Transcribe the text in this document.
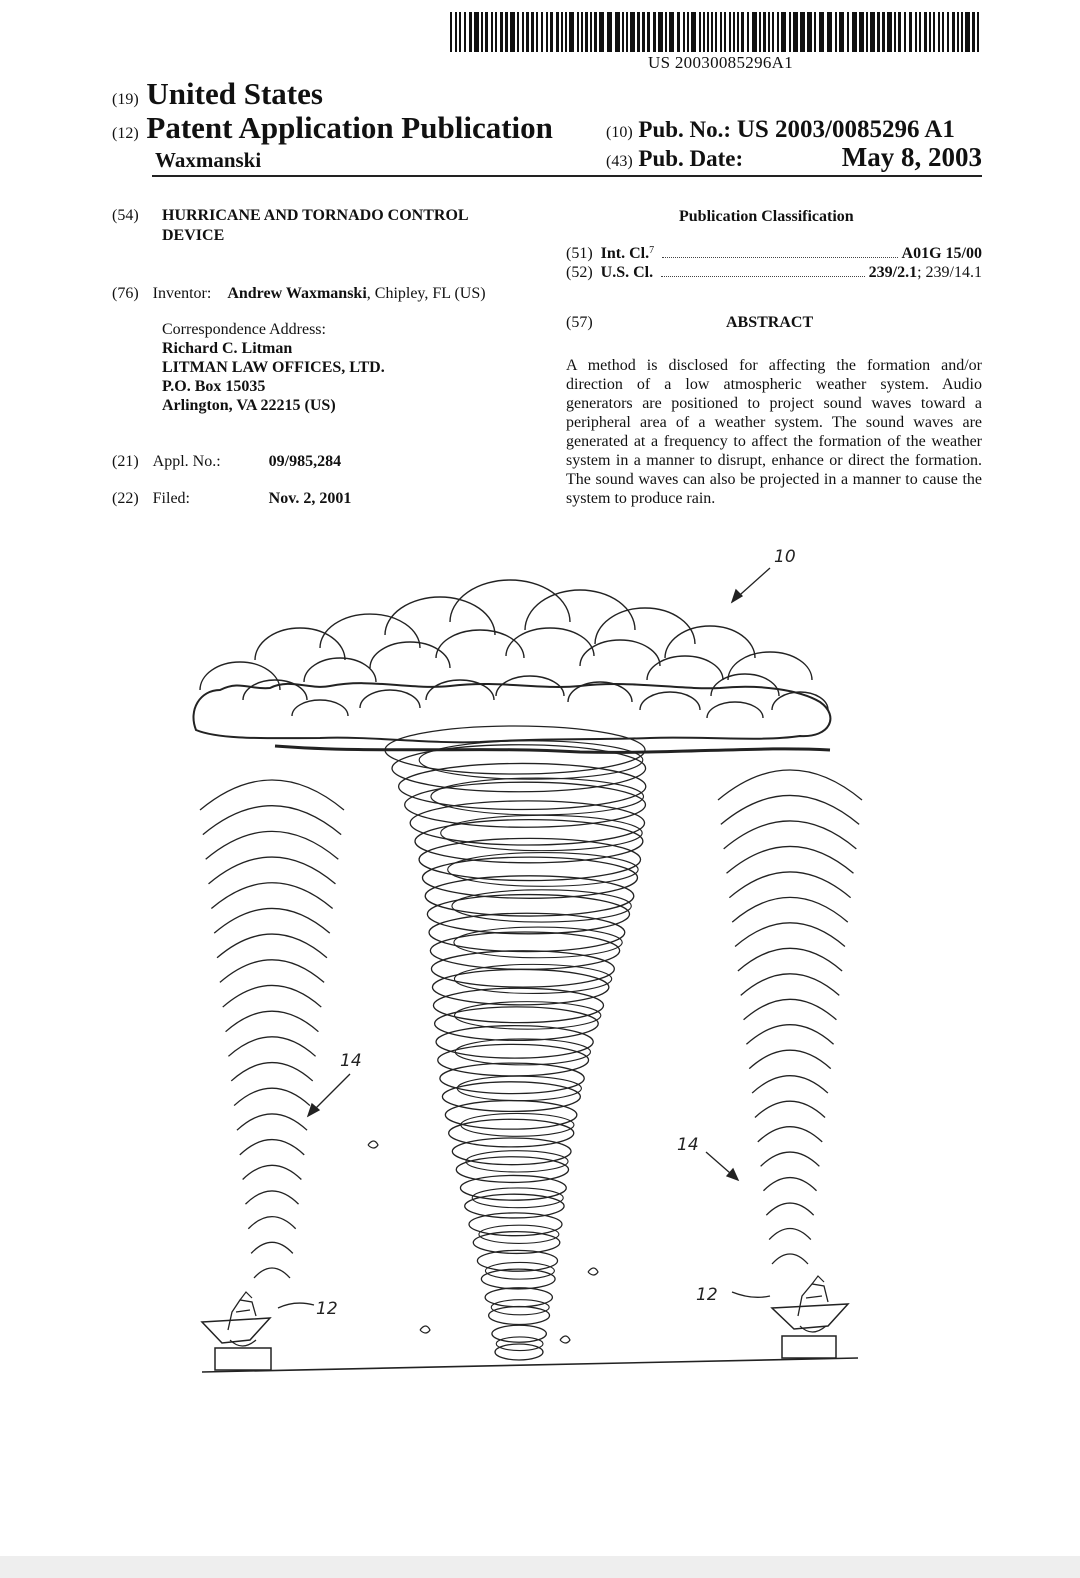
US 20030085296A1
(19) United States
(12) Patent Application Publication
Waxmanski
(10) Pub. No.: US 2003/0085296 A1
(43) Pub. Date:	May 8, 2003
(54) HURRICANE AND TORNADO CONTROL DEVICE
(76) Inventor: Andrew Waxmanski, Chipley, FL (US)
Correspondence Address:
Richard C. Litman
LITMAN LAW OFFICES, LTD.
P.O. Box 15035
Arlington, VA 22215 (US)
(21) Appl. No.:	09/985,284
(22) Filed:	Nov. 2, 2001
Publication Classification
(51) Int. Cl. 7	A01G 15/00
(52) U.S. Cl.	239/2.1 ; 239/14.1
(57)	ABSTRACT
A method is disclosed for affecting the formation and/or direction of a low atmospheric weather system. Audio generators are positioned to project sound waves toward a peripheral area of a weather system. The sound waves are generated at a frequency to affect the formation of the weather system in a manner to disrupt, enhance or direct the formation. The sound waves can also be projected in a manner to cause the system to produce rain.
10
14
14
12
12
